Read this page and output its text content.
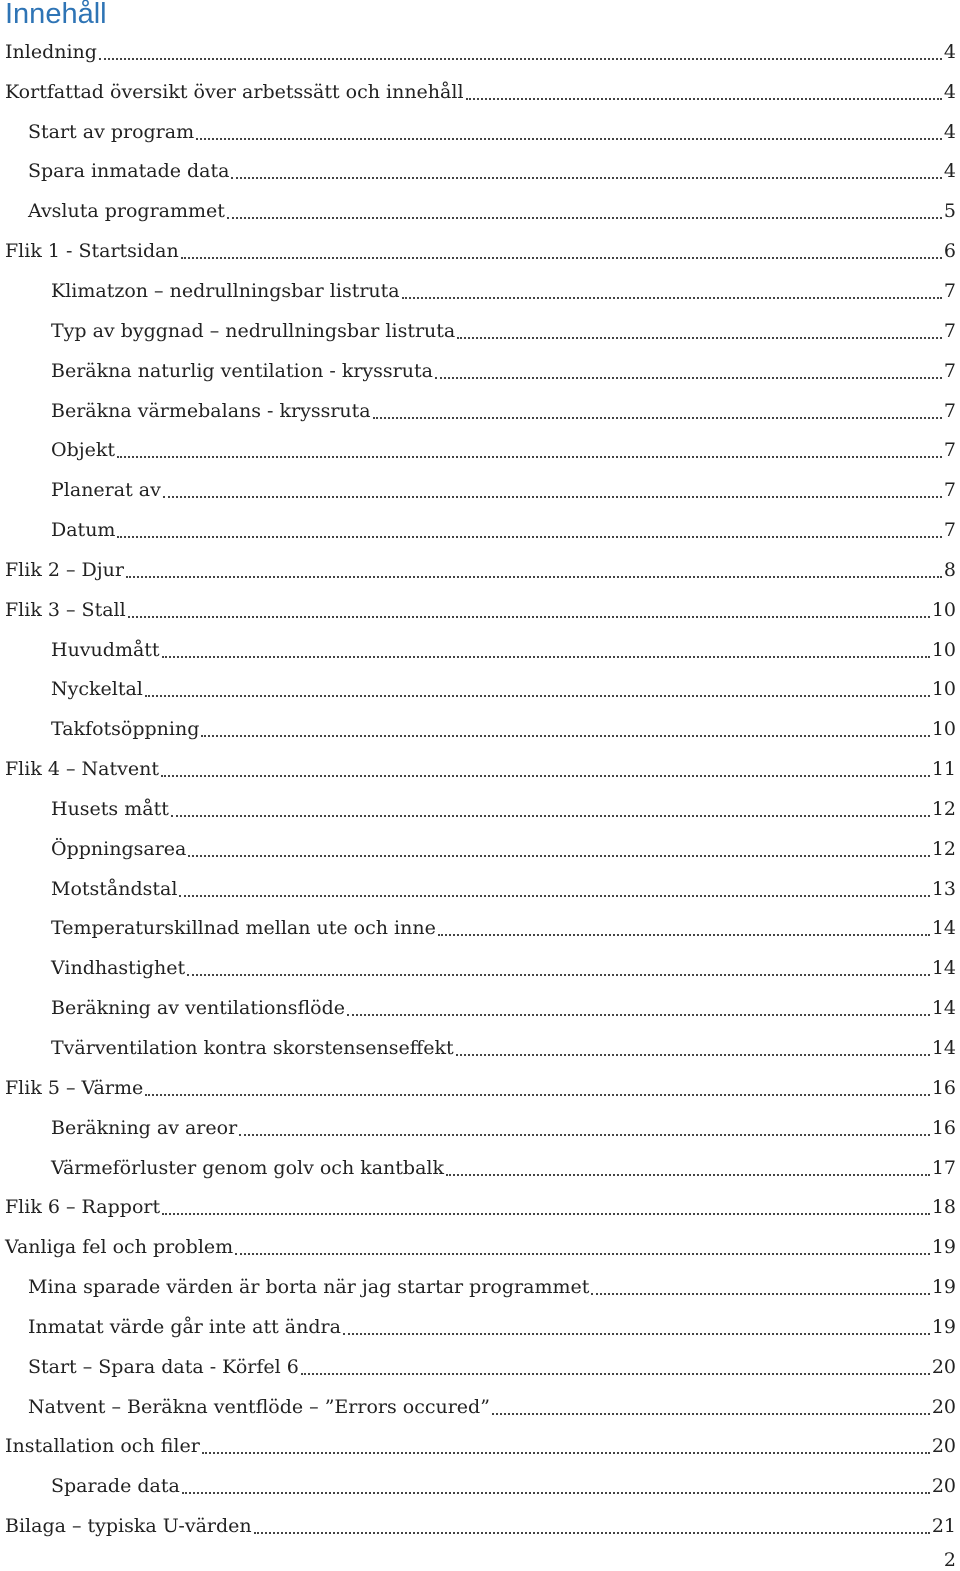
Innehåll
Inledning	4
Kortfattad översikt över arbetssätt och innehåll	4
Start av program	4
Spara inmatade data	4
Avsluta programmet	5
Flik 1 - Startsidan	6
Klimatzon – nedrullningsbar listruta	7
Typ av byggnad – nedrullningsbar listruta	7
Beräkna naturlig ventilation - kryssruta	7
Beräkna värmebalans - kryssruta	7
Objekt	7
Planerat av	7
Datum	7
Flik 2 – Djur	8
Flik 3 – Stall	10
Huvudmått	10
Nyckeltal	10
Takfotsöppning	10
Flik 4 – Natvent	11
Husets mått	12
Öppningsarea	12
Motståndstal	13
Temperaturskillnad mellan ute och inne	14
Vindhastighet	14
Beräkning av ventilationsflöde	14
Tvärventilation kontra skorstensenseffekt	14
Flik 5 – Värme	16
Beräkning av areor	16
Värmeförluster genom golv och kantbalk	17
Flik 6 – Rapport	18
Vanliga fel och problem	19
Mina sparade värden är borta när jag startar programmet	19
Inmatat värde går inte att ändra	19
Start – Spara data - Körfel 6	20
Natvent – Beräkna ventflöde – ”Errors occured”	20
Installation och filer	20
Sparade data	20
Bilaga – typiska U-värden	21
2
